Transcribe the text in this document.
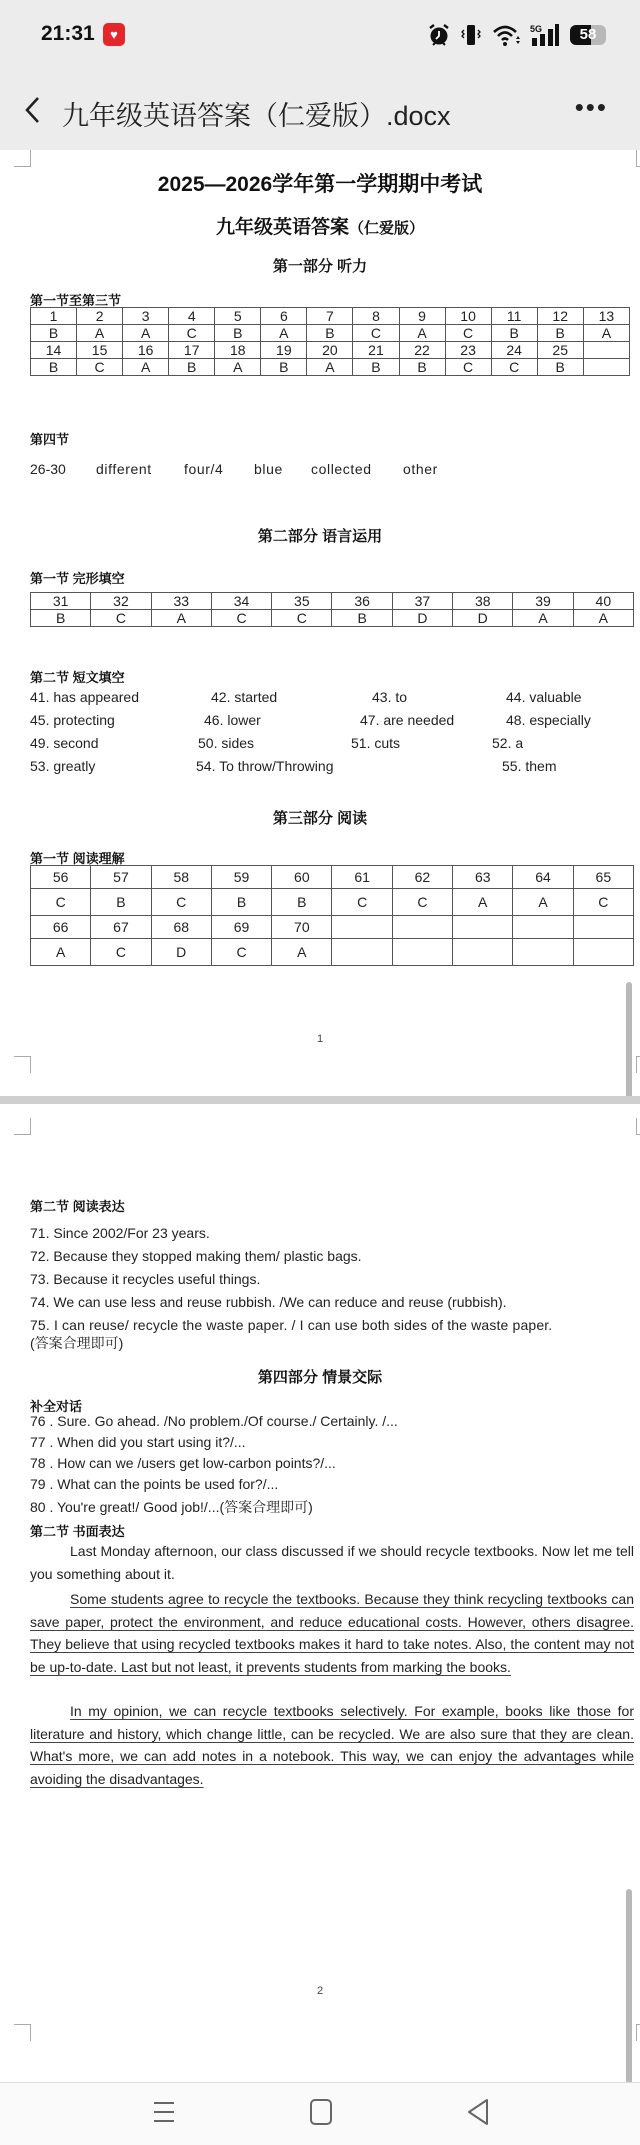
21:31	♥	5G	58
九年级英语答案（仁爱版）.docx	•••
2025—2026学年第一学期期中考试
九年级英语答案（仁爱版）
第一部分 听力
第一节至第三节
1	2	3	4	5	6	7	8	9	10	11	12	13
B	A	A	C	B	A	B	C	A	C	B	B	A
14	15	16	17	18	19	20	21	22	23	24	25	
B	C	A	B	A	B	A	B	B	C	C	B	
第四节
26-30 different four/4 blue collected other
第二部分 语言运用
第一节 完形填空
31	32	33	34	35	36	37	38	39	40
B	C	A	C	C	B	D	D	A	A
第二节 短文填空
41. has appeared	42. started	43. to	44. valuable
45. protecting	46. lower	47. are needed	48. especially
49. second	50. sides	51. cuts	52. a
53. greatly	54. To throw/Throwing	55. them
第三部分 阅读
第一节 阅读理解
56	57	58	59	60	61	62	63	64	65
C	B	C	B	B	C	C	A	A	C
66	67	68	69	70					
A	C	D	C	A					
1
第二节 阅读表达
71. Since 2002/For 23 years.
72. Because they stopped making them/ plastic bags.
73. Because it recycles useful things.
74. We can use less and reuse rubbish. /We can reduce and reuse (rubbish).
75. I can reuse/ recycle the waste paper. / I can use both sides of the waste paper.
(答案合理即可)
第四部分 情景交际
补全对话
76 . Sure. Go ahead. /No problem./Of course./ Certainly. /...
77 . When did you start using it?/...
78 . How can we /users get low-carbon points?/...
79 . What can the points be used for?/...
80 . You're great!/ Good job!/...(答案合理即可)
第二节 书面表达
Last Monday afternoon, our class discussed if we should recycle textbooks. Now let me tell you something about it.
Some students agree to recycle the textbooks. Because they think recycling textbooks can save paper, protect the environment, and reduce educational costs. However, others disagree. They believe that using recycled textbooks makes it hard to take notes. Also, the content may not be up-to-date. Last but not least, it prevents students from marking the books.
In my opinion, we can recycle textbooks selectively. For example, books like those for literature and history, which change little, can be recycled. We are also sure that they are clean. What's more, we can add notes in a notebook. This way, we can enjoy the advantages while avoiding the disadvantages.
2
